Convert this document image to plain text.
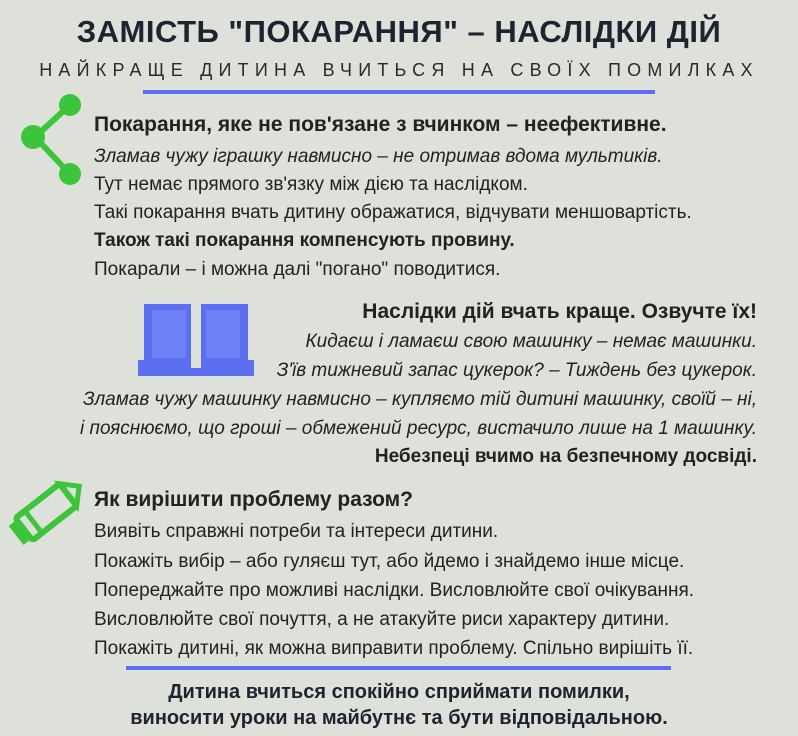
ЗАМІСТЬ "ПОКАРАННЯ" – НАСЛІДКИ ДІЙ
НАЙКРАЩЕ ДИТИНА ВЧИТЬСЯ НА СВОЇХ ПОМИЛКАХ
Покарання, яке не пов'язане з вчинком – неефективне.
Зламав чужу іграшку навмисно – не отримав вдома мультиків.
Тут немає прямого зв'язку між дією та наслідком.
Такі покарання вчать дитину ображатися, відчувати меншовартість.
Також такі покарання компенсують провину.
Покарали – і можна далі "погано" поводитися.
Наслідки дій вчать краще. Озвучте їх!
Кидаєш і ламаєш свою машинку – немає машинки.
З'їв тижневий запас цукерок? – Тиждень без цукерок.
Зламав чужу машинку навмисно – купляємо тій дитині машинку, своїй – ні,
і пояснюємо, що гроші – обмежений ресурс, вистачило лише на 1 машинку.
Небезпеці вчимо на безпечному досвіді.
Як вирішити проблему разом?
Виявіть справжні потреби та інтереси дитини.
Покажіть вибір – або гуляєш тут, або йдемо і знайдемо інше місце.
Попереджайте про можливі наслідки. Висловлюйте свої очікування.
Висловлюйте свої почуття, а не атакуйте риси характеру дитини.
Покажіть дитині, як можна виправити проблему. Спільно вирішіть її.
Дитина вчиться спокійно сприймати помилки,
виносити уроки на майбутнє та бути відповідальною.
